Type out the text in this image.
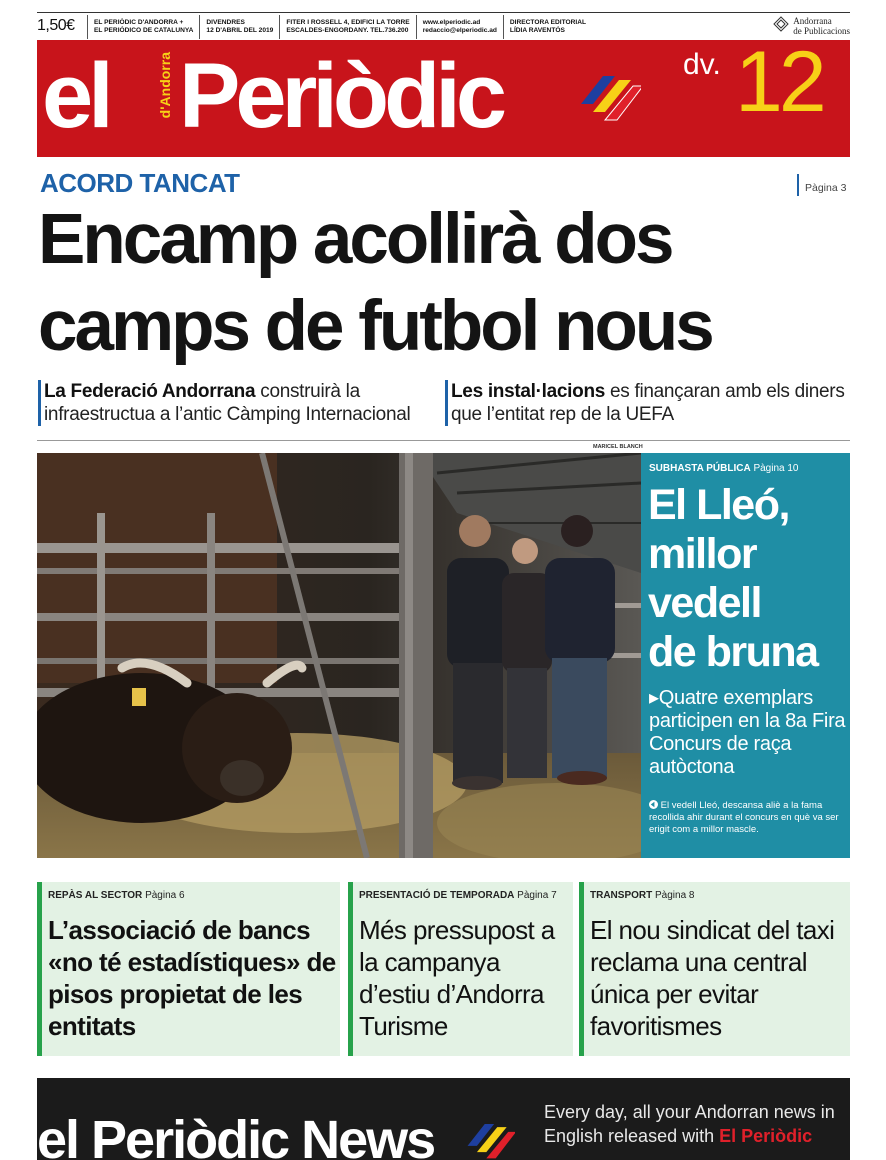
1,50€	EL PERIÒDIC D'ANDORRA +
EL PERIÓDICO DE CATALUNYA
DIVENDRES
12 D'ABRIL DEL 2019
FITER I ROSSELL 4, EDIFICI LA TORRE
ESCALDES-ENGORDANY. TEL.736.200
www.elperiodic.ad
redaccio@elperiodic.ad
DIRECTORA EDITORIAL
LÍDIA RAVENTÓS
Andorrana
de Publicacions
el	d'Andorra Periòdic	dv. 12
ACORD TANCAT	Pàgina 3
Encamp acollirà dos
camps de futbol nous
La Federació Andorrana construirà la infraestructua a l’antic Càmping Internacional
Les instal·lacions es finançaran amb els diners que l’entitat rep de la UEFA
MARICEL BLANCH
SUBHASTA PÚBLICA Pàgina 10
El Lleó,
millor
vedell
de bruna
▸Quatre exemplars participen en la 8a Fira Concurs de raça autòctona
El vedell Lleó, descansa aliè a la fama recollida ahir durant el concurs en què va ser erigit com a millor mascle.
REPÀS AL SECTOR Pàgina 6
L’associació de bancs «no té estadístiques» de pisos propietat de les entitats
PRESENTACIÓ DE TEMPORADA Pàgina 7
Més pressupost a la campanya d’estiu d’Andorra Turisme
TRANSPORT Pàgina 8
El nou sindicat del taxi reclama una central única per evitar favoritismes
el Periòdic News	Every day, all your Andorran news in
English released with El Periòdic
